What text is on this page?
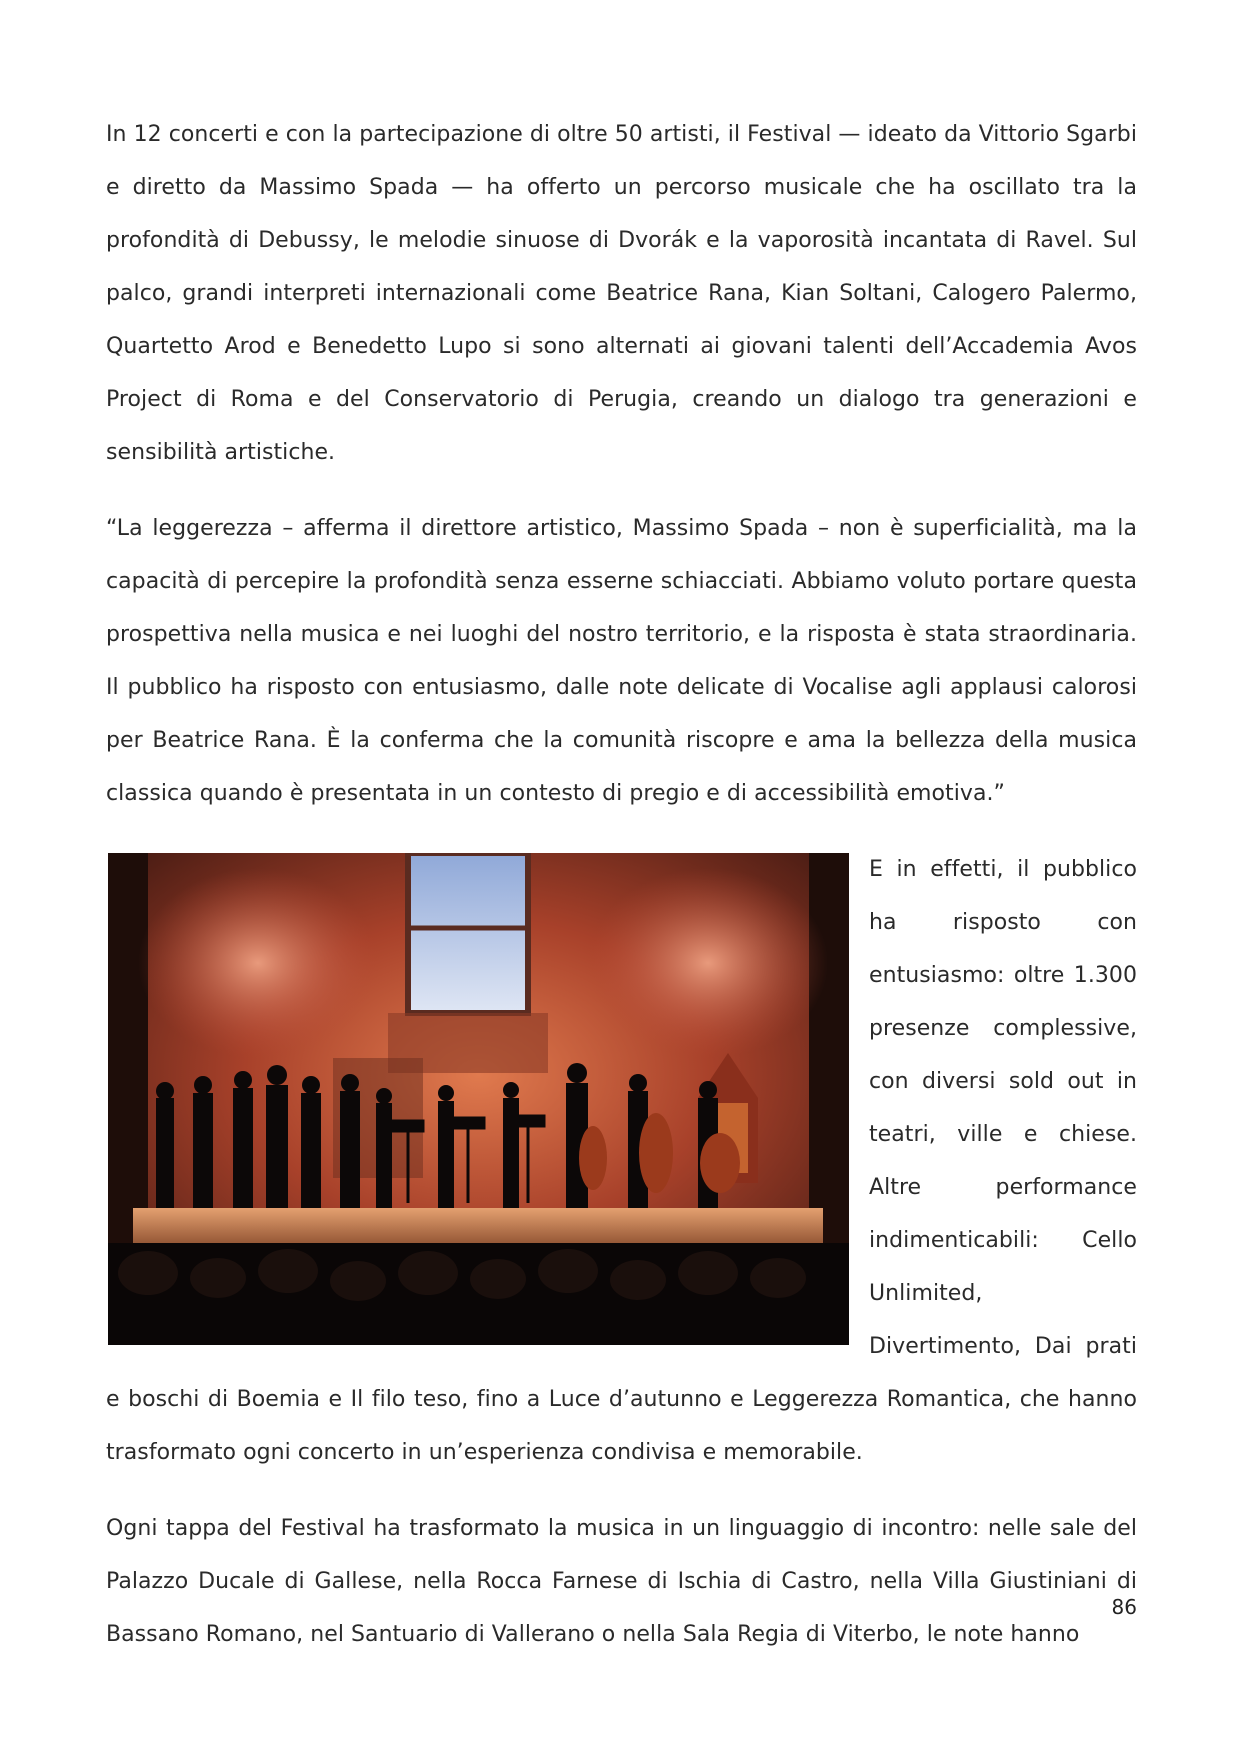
In 12 concerti e con la partecipazione di oltre 50 artisti, il Festival — ideato da Vittorio Sgarbi e diretto da Massimo Spada — ha offerto un percorso musicale che ha oscillato tra la profondità di Debussy, le melodie sinuose di Dvorák e la vaporosità incantata di Ravel. Sul palco, grandi interpreti internazionali come Beatrice Rana, Kian Soltani, Calogero Palermo, Quartetto Arod e Benedetto Lupo si sono alternati ai giovani talenti dell’Accademia Avos Project di Roma e del Conservatorio di Perugia, creando un dialogo tra generazioni e sensibilità artistiche.

“La leggerezza – afferma il direttore artistico, Massimo Spada – non è superficialità, ma la capacità di percepire la profondità senza esserne schiacciati. Abbiamo voluto portare questa prospettiva nella musica e nei luoghi del nostro territorio, e la risposta è stata straordinaria. Il pubblico ha risposto con entusiasmo, dalle note delicate di Vocalise agli applausi calorosi per Beatrice Rana. È la conferma che la comunità riscopre e ama la bellezza della musica classica quando è presentata in un contesto di pregio e di accessibilità emotiva.”

E in effetti, il pubblico ha risposto con entusiasmo: oltre 1.300 presenze complessive, con diversi sold out in teatri, ville e chiese. Altre performance indimenticabili: Cello Unlimited, Divertimento, Dai prati e boschi di Boemia e Il filo teso, fino a Luce d’autunno e Leggerezza Romantica, che hanno trasformato ogni concerto in un’esperienza condivisa e memorabile.

Ogni tappa del Festival ha trasformato la musica in un linguaggio di incontro: nelle sale del Palazzo Ducale di Gallese, nella Rocca Farnese di Ischia di Castro, nella Villa Giustiniani di Bassano Romano, nel Santuario di Vallerano o nella Sala Regia di Viterbo, le note hanno

86
